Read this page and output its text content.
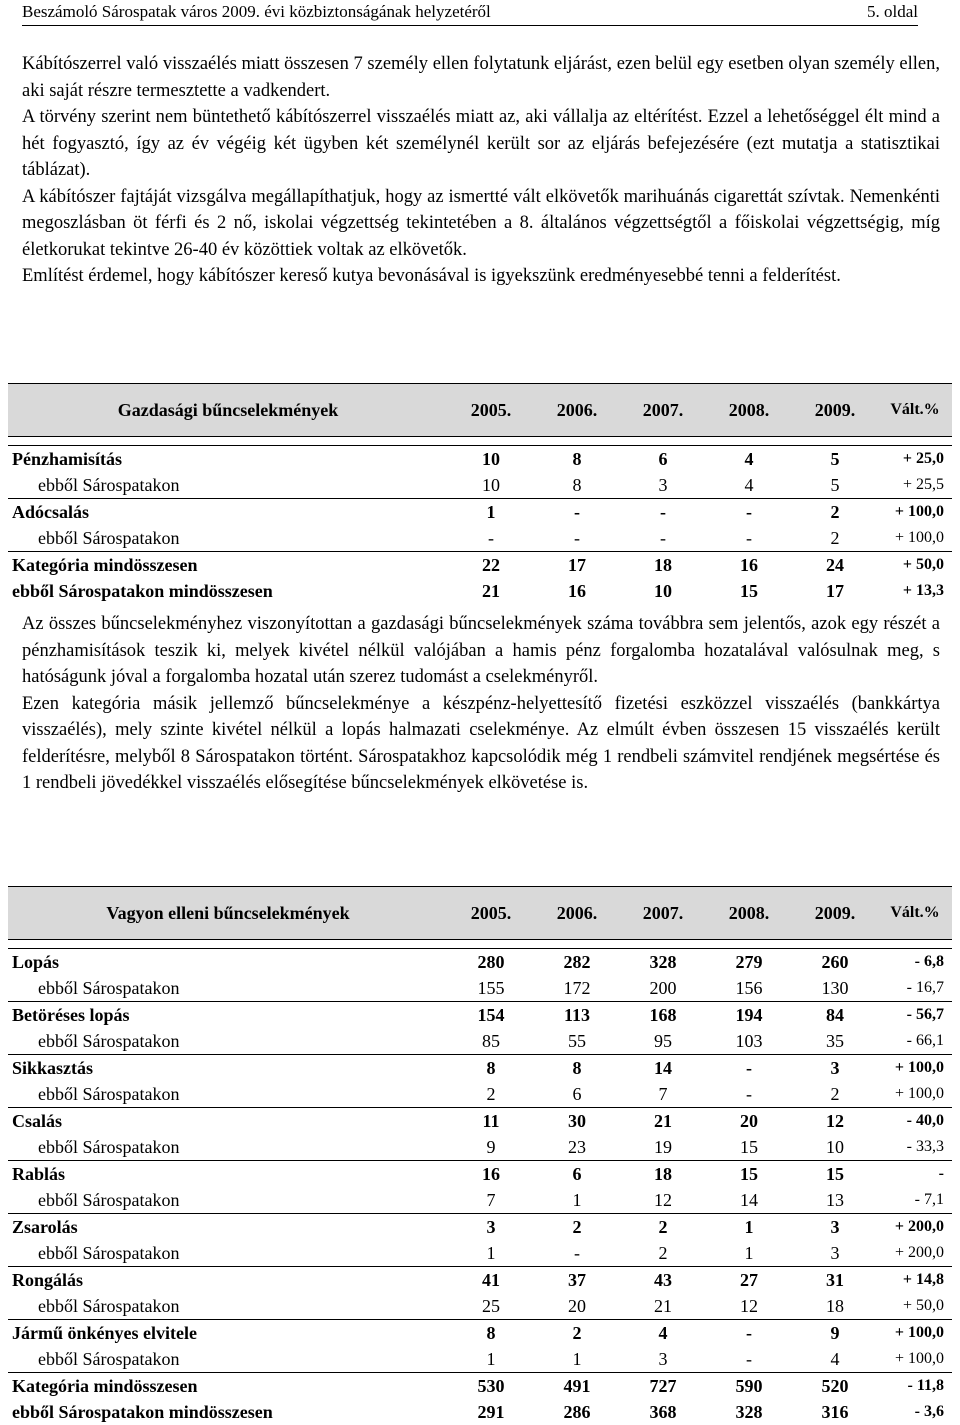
Beszámoló Sárospatak város 2009. évi közbiztonságának helyzetéről	5. oldal

Kábítószerrel való visszaélés miatt összesen 7 személy ellen folytatunk eljárást, ezen belül egy esetben olyan személy ellen, aki saját részre termesztette a vadkendert.

A törvény szerint nem büntethető kábítószerrel visszaélés miatt az, aki vállalja az eltérítést. Ezzel a lehetőséggel élt mind a hét fogyasztó, így az év végéig két ügyben két személynél került sor az eljárás befejezésére (ezt mutatja a statisztikai táblázat).

A kábítószer fajtáját vizsgálva megállapíthatjuk, hogy az ismertté vált elkövetők marihuánás cigarettát szívtak. Nemenkénti megoszlásban öt férfi és 2 nő, iskolai végzettség tekintetében a 8. általános végzettségtől a főiskolai végzettségig, míg életkorukat tekintve 26-40 év közöttiek voltak az elkövetők.

Említést érdemel, hogy kábítószer kereső kutya bevonásával is igyekszünk eredményesebbé tenni a felderítést.

Gazdasági bűncselekmények	2005.	2006.	2007.	2008.	2009.	Vált.%

Pénzhamisítás	10	8	6	4	5	+ 25,0
ebből Sárospatakon	10	8	3	4	5	+ 25,5
Adócsalás	1	-	-	-	2	+ 100,0
ebből Sárospatakon	-	-	-	-	2	+ 100,0
Kategória mindösszesen	22	17	18	16	24	+ 50,0
ebből Sárospatakon mindösszesen	21	16	10	15	17	+ 13,3

Az összes bűncselekményhez viszonyítottan a gazdasági bűncselekmények száma továbbra sem jelentős, azok egy részét a pénzhamisítások teszik ki, melyek kivétel nélkül valójában a hamis pénz forgalomba hozatalával valósulnak meg, s hatóságunk jóval a forgalomba hozatal után szerez tudomást a cselekményről.

Ezen kategória másik jellemző bűncselekménye a készpénz-helyettesítő fizetési eszközzel visszaélés (bankkártya visszaélés), mely szinte kivétel nélkül a lopás halmazati cselekménye. Az elmúlt évben összesen 15 visszaélés került felderítésre, melyből 8 Sárospatakon történt. Sárospatakhoz kapcsolódik még 1 rendbeli számvitel rendjének megsértése és 1 rendbeli jövedékkel visszaélés elősegítése bűncselekmények elkövetése is.

Vagyon elleni bűncselekmények	2005.	2006.	2007.	2008.	2009.	Vált.%

Lopás	280	282	328	279	260	- 6,8
ebből Sárospatakon	155	172	200	156	130	- 16,7
Betöréses lopás	154	113	168	194	84	- 56,7
ebből Sárospatakon	85	55	95	103	35	- 66,1
Sikkasztás	8	8	14	-	3	+ 100,0
ebből Sárospatakon	2	6	7	-	2	+ 100,0
Csalás	11	30	21	20	12	- 40,0
ebből Sárospatakon	9	23	19	15	10	- 33,3
Rablás	16	6	18	15	15	-
ebből Sárospatakon	7	1	12	14	13	- 7,1
Zsarolás	3	2	2	1	3	+ 200,0
ebből Sárospatakon	1	-	2	1	3	+ 200,0
Rongálás	41	37	43	27	31	+ 14,8
ebből Sárospatakon	25	20	21	12	18	+ 50,0
Jármű önkényes elvitele	8	2	4	-	9	+ 100,0
ebből Sárospatakon	1	1	3	-	4	+ 100,0
Kategória mindösszesen	530	491	727	590	520	- 11,8
ebből Sárospatakon mindösszesen	291	286	368	328	316	- 3,6
